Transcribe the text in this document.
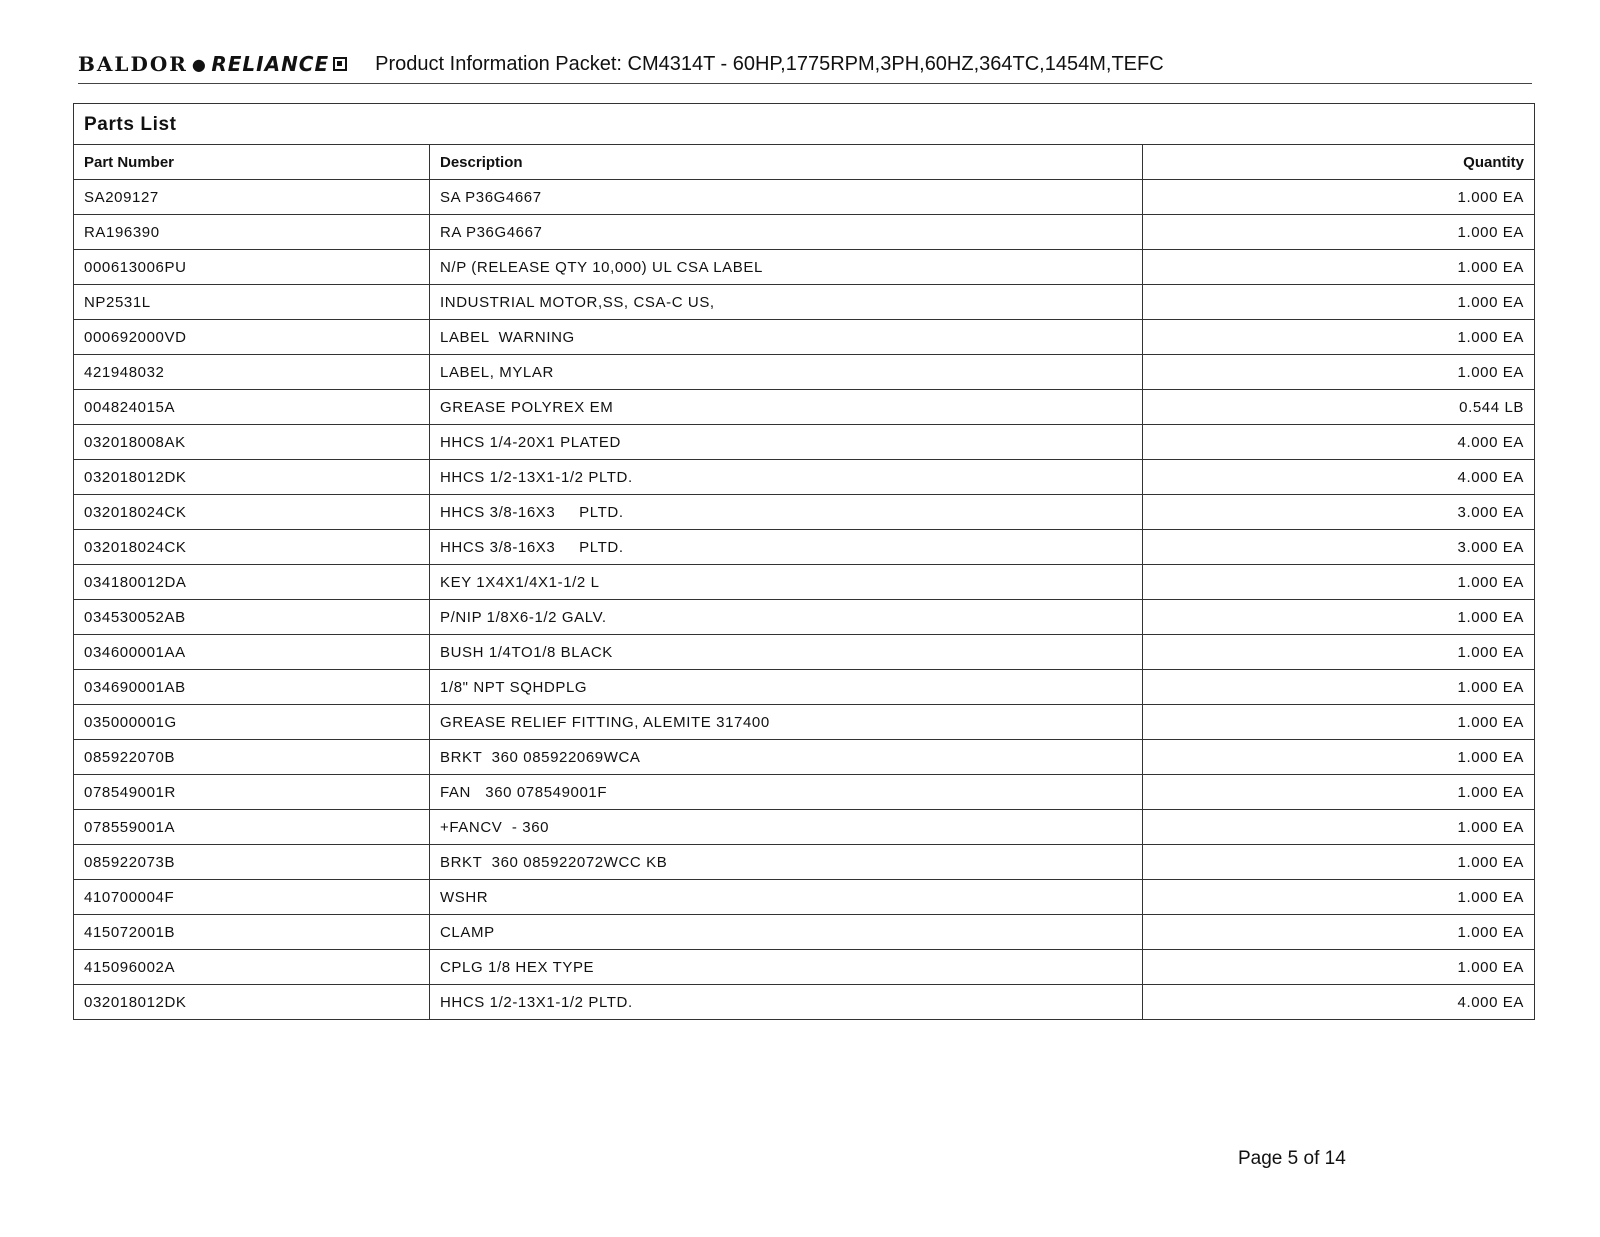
BALDOR ● RELIANCE Product Information Packet: CM4314T - 60HP,1775RPM,3PH,60HZ,364TC,1454M,TEFC
Parts List		
Part Number	Description	Quantity
SA209127	SA P36G4667	1.000 EA
RA196390	RA P36G4667	1.000 EA
000613006PU	N/P (RELEASE QTY 10,000) UL CSA LABEL	1.000 EA
NP2531L	INDUSTRIAL MOTOR,SS, CSA-C US,	1.000 EA
000692000VD	LABEL  WARNING	1.000 EA
421948032	LABEL, MYLAR	1.000 EA
004824015A	GREASE POLYREX EM	0.544 LB
032018008AK	HHCS 1/4-20X1 PLATED	4.000 EA
032018012DK	HHCS 1/2-13X1-1/2 PLTD.	4.000 EA
032018024CK	HHCS 3/8-16X3     PLTD.	3.000 EA
032018024CK	HHCS 3/8-16X3     PLTD.	3.000 EA
034180012DA	KEY 1X4X1/4X1-1/2 L	1.000 EA
034530052AB	P/NIP 1/8X6-1/2 GALV.	1.000 EA
034600001AA	BUSH 1/4TO1/8 BLACK	1.000 EA
034690001AB	1/8" NPT SQHDPLG	1.000 EA
035000001G	GREASE RELIEF FITTING, ALEMITE 317400	1.000 EA
085922070B	BRKT  360 085922069WCA	1.000 EA
078549001R	FAN   360 078549001F	1.000 EA
078559001A	+FANCV  - 360	1.000 EA
085922073B	BRKT  360 085922072WCC KB	1.000 EA
410700004F	WSHR	1.000 EA
415072001B	CLAMP	1.000 EA
415096002A	CPLG 1/8 HEX TYPE	1.000 EA
032018012DK	HHCS 1/2-13X1-1/2 PLTD.	4.000 EA
Page 5 of 14
